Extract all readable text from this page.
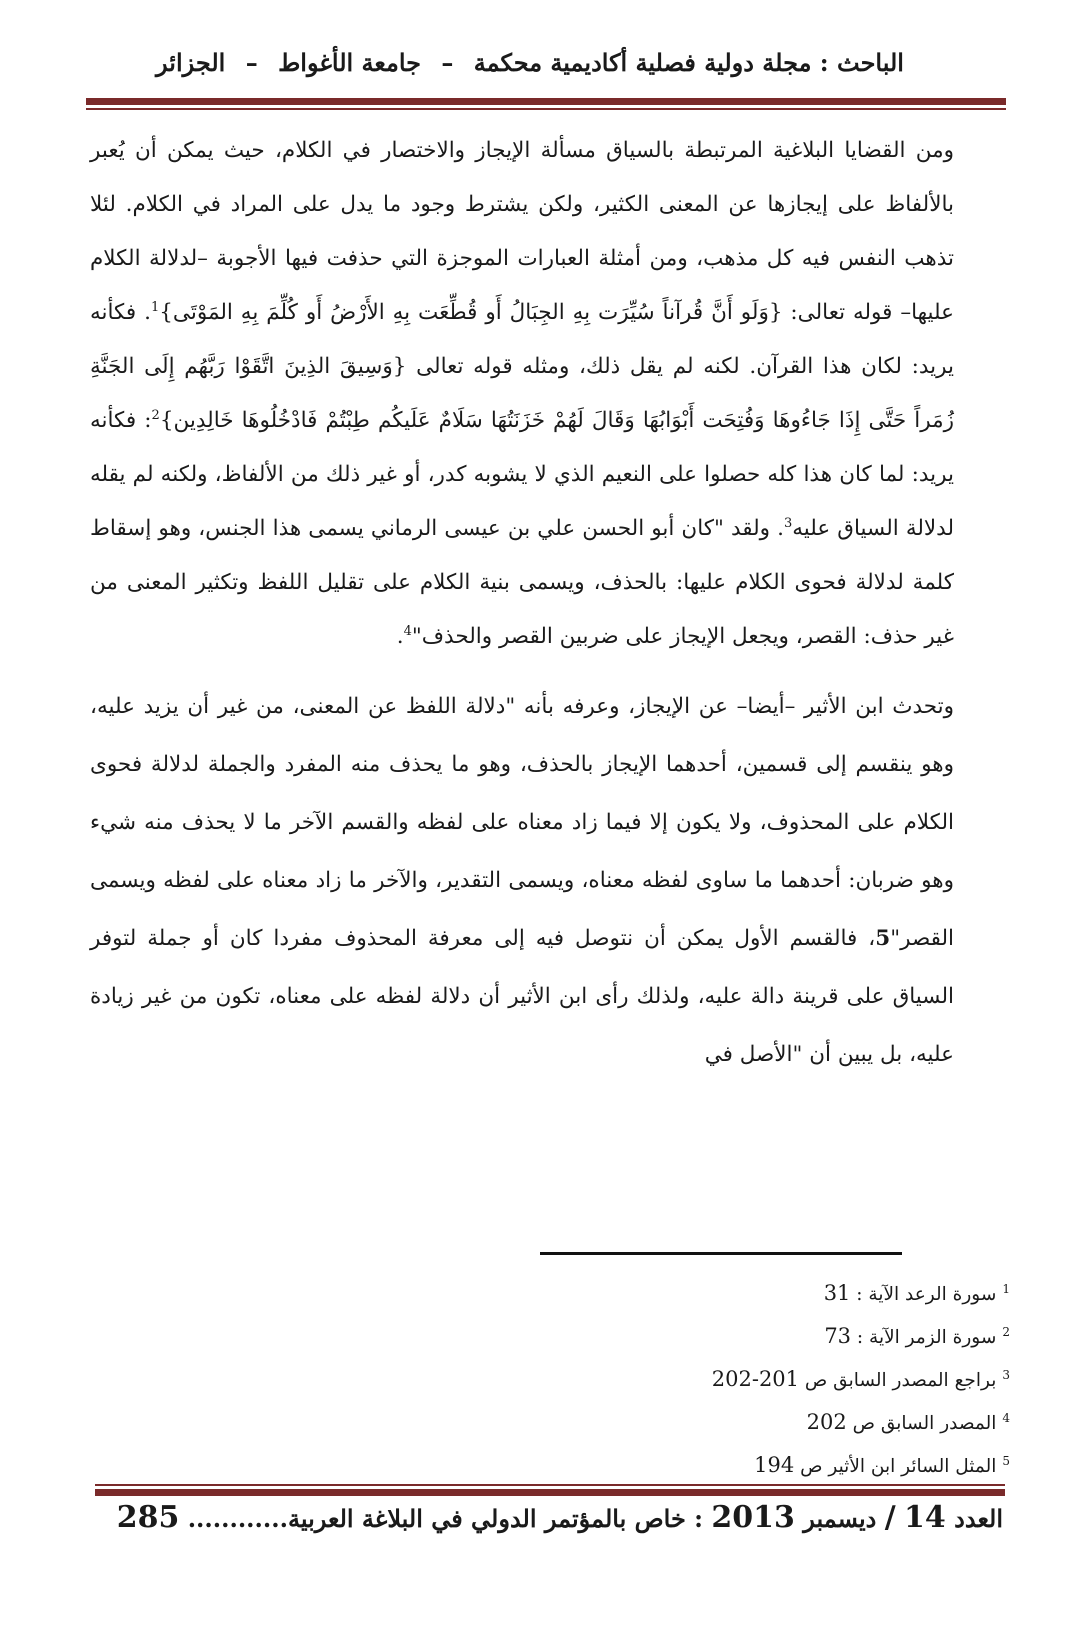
الباحث : مجلة دولية فصلية أكاديمية محكمة – جامعة الأغواط – الجزائر

ومن القضايا البلاغية المرتبطة بالسياق مسألة الإيجاز والاختصار في الكلام، حيث يمكن أن يُعبر بالألفاظ على إيجازها عن المعنى الكثير، ولكن يشترط وجود ما يدل على المراد في الكلام. لئلا تذهب النفس فيه كل مذهب، ومن أمثلة العبارات الموجزة التي حذفت فيها الأجوبة –لدلالة الكلام عليها– قوله تعالى: {وَلَو أَنَّ قُرآناً سُيِّرَت بِهِ الجِبَالُ أَو قُطِّعَت بِهِ الأَرْضُ أَو كُلِّمَ بِهِ المَوْتَى}$^1$. فكأنه يريد: لكان هذا القرآن. لكنه لم يقل ذلك، ومثله قوله تعالى {وَسِيقَ الذِينَ اتَّقَوْا رَبَّهُم إِلَى الجَنَّةِ زُمَراً حَتَّى إِذَا جَاءُوهَا وَفُتِحَت أَبْوَابُهَا وَقَالَ لَهُمْ خَزَنَتُهَا سَلَامٌ عَلَيكُم طِبْتُمْ فَادْخُلُوهَا خَالِدِين}$^2$: فكأنه يريد: لما كان هذا كله حصلوا على النعيم الذي لا يشوبه كدر، أو غير ذلك من الألفاظ، ولكنه لم يقله لدلالة السياق عليه$^3$. ولقد "كان أبو الحسن علي بن عيسى الرماني يسمى هذا الجنس، وهو إسقاط كلمة لدلالة فحوى الكلام عليها: بالحذف، ويسمى بنية الكلام على تقليل اللفظ وتكثير المعنى من غير حذف: القصر، ويجعل الإيجاز على ضربين القصر والحذف"$^4$.

وتحدث ابن الأثير –أيضا– عن الإيجاز، وعرفه بأنه "دلالة اللفظ عن المعنى، من غير أن يزيد عليه، وهو ينقسم إلى قسمين، أحدهما الإيجاز بالحذف، وهو ما يحذف منه المفرد والجملة لدلالة فحوى الكلام على المحذوف، ولا يكون إلا فيما زاد معناه على لفظه والقسم الآخر ما لا يحذف منه شيء وهو ضربان: أحدهما ما ساوى لفظه معناه، ويسمى التقدير، والآخر ما زاد معناه على لفظه ويسمى القصر"5، فالقسم الأول يمكن أن نتوصل فيه إلى معرفة المحذوف مفردا كان أو جملة لتوفر السياق على قرينة دالة عليه، ولذلك رأى ابن الأثير أن دلالة لفظه على معناه، تكون من غير زيادة عليه، بل يبين أن "الأصل في

$^1$سورة الرعد الآية : 31
$^2$سورة الزمر الآية : 73
$^3$براجع المصدر السابق ص 201-202
$^4$المصدر السابق ص 202
$^5$المثل السائر ابن الأثير ص 194
العدد 14 / ديسمبر 2013 : خاص بالمؤتمر الدولي في البلاغة العربية............ 285
